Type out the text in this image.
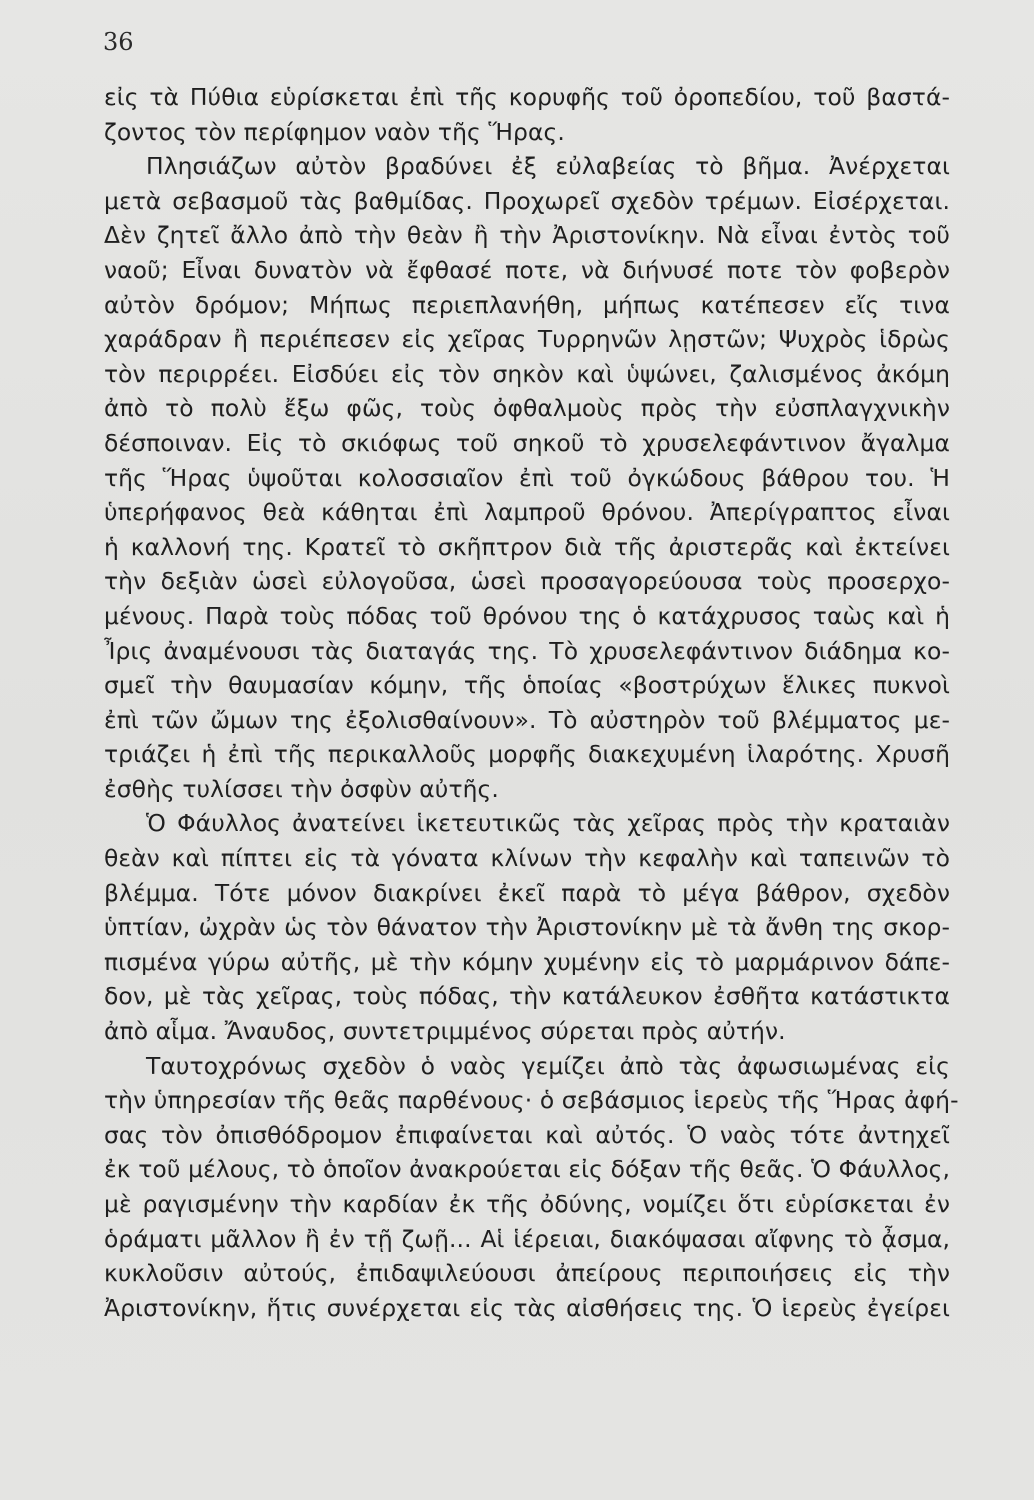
36
εἰς τὰ Πύθια εὑρίσκεται ἐπὶ τῆς κορυφῆς τοῦ ὀροπεδίου, τοῦ βαστά-
ζοντος τὸν περίφημον ναὸν τῆς Ἥρας.
Πλησιάζων αὐτὸν βραδύνει ἐξ εὐλαβείας τὸ βῆμα. Ἀνέρχεται
μετὰ σεβασμοῦ τὰς βαθμίδας. Προχωρεῖ σχεδὸν τρέμων. Εἰσέρχεται.
Δὲν ζητεῖ ἄλλο ἀπὸ τὴν θεὰν ἢ τὴν Ἀριστονίκην. Νὰ εἶναι ἐντὸς τοῦ
ναοῦ; Εἶναι δυνατὸν νὰ ἔφθασέ ποτε, νὰ διήνυσέ ποτε τὸν φοβερὸν
αὐτὸν δρόμον; Μήπως περιεπλανήθη, μήπως κατέπεσεν εἴς τινα
χαράδραν ἢ περιέπεσεν εἰς χεῖρας Τυρρηνῶν λῃστῶν; Ψυχρὸς ἱδρὼς
τὸν περιρρέει. Εἰσδύει εἰς τὸν σηκὸν καὶ ὑψώνει, ζαλισμένος ἀκόμη
ἀπὸ τὸ πολὺ ἔξω φῶς, τοὺς ὀφθαλμοὺς πρὸς τὴν εὐσπλαγχνικὴν
δέσποιναν. Εἰς τὸ σκιόφως τοῦ σηκοῦ τὸ χρυσελεφάντινον ἄγαλμα
τῆς Ἥρας ὑψοῦται κολοσσιαῖον ἐπὶ τοῦ ὀγκώδους βάθρου του. Ἡ
ὑπερήφανος θεὰ κάθηται ἐπὶ λαμπροῦ θρόνου. Ἀπερίγραπτος εἶναι
ἡ καλλονή της. Κρατεῖ τὸ σκῆπτρον διὰ τῆς ἀριστερᾶς καὶ ἐκτείνει
τὴν δεξιὰν ὡσεὶ εὐλογοῦσα, ὡσεὶ προσαγορεύουσα τοὺς προσερχο-
μένους. Παρὰ τοὺς πόδας τοῦ θρόνου της ὁ κατάχρυσος ταὼς καὶ ἡ
Ἶρις ἀναμένουσι τὰς διαταγάς της. Τὸ χρυσελεφάντινον διάδημα κο-
σμεῖ τὴν θαυμασίαν κόμην, τῆς ὁποίας «βοστρύχων ἕλικες πυκνοὶ
ἐπὶ τῶν ὤμων της ἐξολισθαίνουν». Τὸ αὐστηρὸν τοῦ βλέμματος με-
τριάζει ἡ ἐπὶ τῆς περικαλλοῦς μορφῆς διακεχυμένη ἱλαρότης. Χρυσῆ
ἐσθὴς τυλίσσει τὴν ὀσφὺν αὐτῆς.
Ὁ Φάυλλος ἀνατείνει ἱκετευτικῶς τὰς χεῖρας πρὸς τὴν κραταιὰν
θεὰν καὶ πίπτει εἰς τὰ γόνατα κλίνων τὴν κεφαλὴν καὶ ταπεινῶν τὸ
βλέμμα. Τότε μόνον διακρίνει ἐκεῖ παρὰ τὸ μέγα βάθρον, σχεδὸν
ὑπτίαν, ὠχρὰν ὡς τὸν θάνατον τὴν Ἀριστονίκην μὲ τὰ ἄνθη της σκορ-
πισμένα γύρω αὐτῆς, μὲ τὴν κόμην χυμένην εἰς τὸ μαρμάρινον δάπε-
δον, μὲ τὰς χεῖρας, τοὺς πόδας, τὴν κατάλευκον ἐσθῆτα κατάστικτα
ἀπὸ αἷμα. Ἄναυδος, συντετριμμένος σύρεται πρὸς αὐτήν.
Ταυτοχρόνως σχεδὸν ὁ ναὸς γεμίζει ἀπὸ τὰς ἀφωσιωμένας εἰς
τὴν ὑπηρεσίαν τῆς θεᾶς παρθένους· ὁ σεβάσμιος ἱερεὺς τῆς Ἥρας ἀφή-
σας τὸν ὀπισθόδρομον ἐπιφαίνεται καὶ αὐτός. Ὁ ναὸς τότε ἀντηχεῖ
ἐκ τοῦ μέλους, τὸ ὁποῖον ἀνακρούεται εἰς δόξαν τῆς θεᾶς. Ὁ Φάυλλος,
μὲ ραγισμένην τὴν καρδίαν ἐκ τῆς ὀδύνης, νομίζει ὅτι εὑρίσκεται ἐν
ὁράματι μᾶλλον ἢ ἐν τῇ ζωῇ... Αἱ ἱέρειαι, διακόψασαι αἴφνης τὸ ᾆσμα,
κυκλοῦσιν αὐτούς, ἐπιδαψιλεύουσι ἀπείρους περιποιήσεις εἰς τὴν
Ἀριστονίκην, ἥτις συνέρχεται εἰς τὰς αἰσθήσεις της. Ὁ ἱερεὺς ἐγείρει
